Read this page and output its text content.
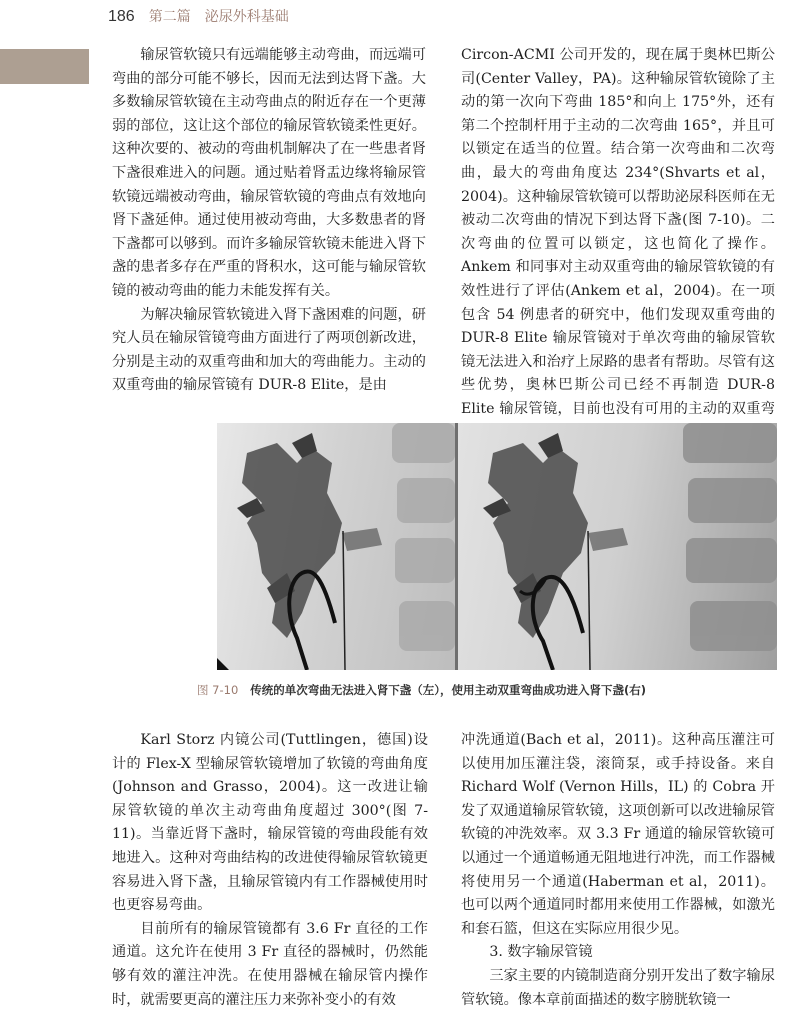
186 第二篇 泌尿外科基础

输尿管软镜只有远端能够主动弯曲，而远端可弯曲的部分可能不够长，因而无法到达肾下盏。大多数输尿管软镜在主动弯曲点的附近存在一个更薄弱的部位，这让这个部位的输尿管软镜柔性更好。这种次要的、被动的弯曲机制解决了在一些患者肾下盏很难进入的问题。通过贴着肾盂边缘将输尿管软镜远端被动弯曲，输尿管软镜的弯曲点有效地向肾下盏延伸。通过使用被动弯曲，大多数患者的肾下盏都可以够到。而许多输尿管软镜未能进入肾下盏的患者多存在严重的肾积水，这可能与输尿管软镜的被动弯曲的能力未能发挥有关。

为解决输尿管软镜进入肾下盏困难的问题，研究人员在输尿管镜弯曲方面进行了两项创新改进，分别是主动的双重弯曲和加大的弯曲能力。主动的双重弯曲的输尿管镜有 DUR-8 Elite，是由

Circon-ACMI 公司开发的，现在属于奥林巴斯公司(Center Valley，PA)。这种输尿管软镜除了主动的第一次向下弯曲 185°和向上 175°外，还有第二个控制杆用于主动的二次弯曲 165°，并且可以锁定在适当的位置。结合第一次弯曲和二次弯曲，最大的弯曲角度达 234°(Shvarts et al，2004)。这种输尿管软镜可以帮助泌尿科医师在无被动二次弯曲的情况下到达肾下盏(图 7-10)。二次弯曲的位置可以锁定，这也简化了操作。Ankem 和同事对主动双重弯曲的输尿管软镜的有效性进行了评估(Ankem et al，2004)。在一项包含 54 例患者的研究中，他们发现双重弯曲的 DUR-8 Elite 输尿管镜对于单次弯曲的输尿管软镜无法进入和治疗上尿路的患者有帮助。尽管有这些优势，奥林巴斯公司已经不再制造 DUR-8 Elite 输尿管镜，目前也没有可用的主动的双重弯

图 7-10 传统的单次弯曲无法进入肾下盏（左），使用主动双重弯曲成功进入肾下盏(右)

Karl Storz 内镜公司(Tuttlingen，德国)设计的 Flex-X 型输尿管软镜增加了软镜的弯曲角度(Johnson and Grasso，2004)。这一改进让输尿管软镜的单次主动弯曲角度超过 300°(图 7-11)。当靠近肾下盏时，输尿管镜的弯曲段能有效地进入。这种对弯曲结构的改进使得输尿管软镜更容易进入肾下盏，且输尿管镜内有工作器械使用时也更容易弯曲。

目前所有的输尿管镜都有 3.6 Fr 直径的工作通道。这允许在使用 3 Fr 直径的器械时，仍然能够有效的灌注冲洗。在使用器械在输尿管内操作时，就需要更高的灌注压力来弥补变小的有效

冲洗通道(Bach et al，2011)。这种高压灌注可以使用加压灌注袋，滚筒泵，或手持设备。来自 Richard Wolf (Vernon Hills，IL) 的 Cobra 开发了双通道输尿管软镜，这项创新可以改进输尿管软镜的冲洗效率。双 3.3 Fr 通道的输尿管软镜可以通过一个通道畅通无阻地进行冲洗，而工作器械将使用另一个通道(Haberman et al，2011)。也可以两个通道同时都用来使用工作器械，如激光和套石篮，但这在实际应用很少见。

3. 数字输尿管镜

三家主要的内镜制造商分别开发出了数字输尿管软镜。像本章前面描述的数字膀胱软镜一
